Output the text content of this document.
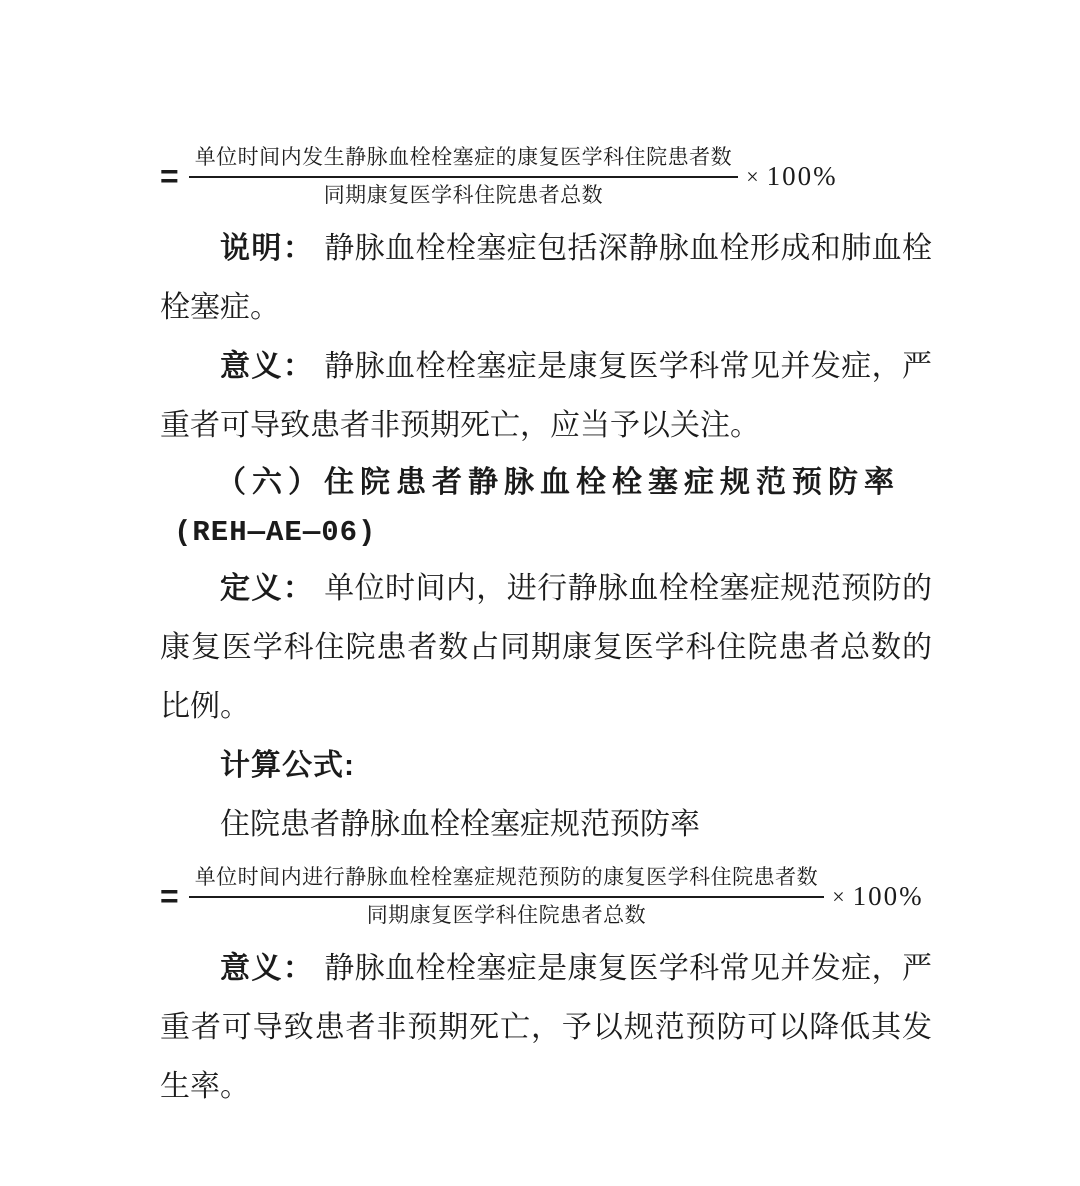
= $\frac{\text{单位时间内发生静脉血栓栓塞症的康复医学科住院患者数}}{\text{同期康复医学科住院患者总数}} \times 100\%$

说明： 静脉血栓栓塞症包括深静脉血栓形成和肺血栓栓塞症。

意义： 静脉血栓栓塞症是康复医学科常见并发症，严重者可导致患者非预期死亡，应当予以关注。

（六）住院患者静脉血栓栓塞症规范预防率

(REH—AE—06)

定义： 单位时间内，进行静脉血栓栓塞症规范预防的康复医学科住院患者数占同期康复医学科住院患者总数的比例。

计算公式:

住院患者静脉血栓栓塞症规范预防率

= $\frac{\text{单位时间内进行静脉血栓栓塞症规范预防的康复医学科住院患者数}}{\text{同期康复医学科住院患者总数}} \times 100\%$

意义： 静脉血栓栓塞症是康复医学科常见并发症，严重者可导致患者非预期死亡，予以规范预防可以降低其发生率。
